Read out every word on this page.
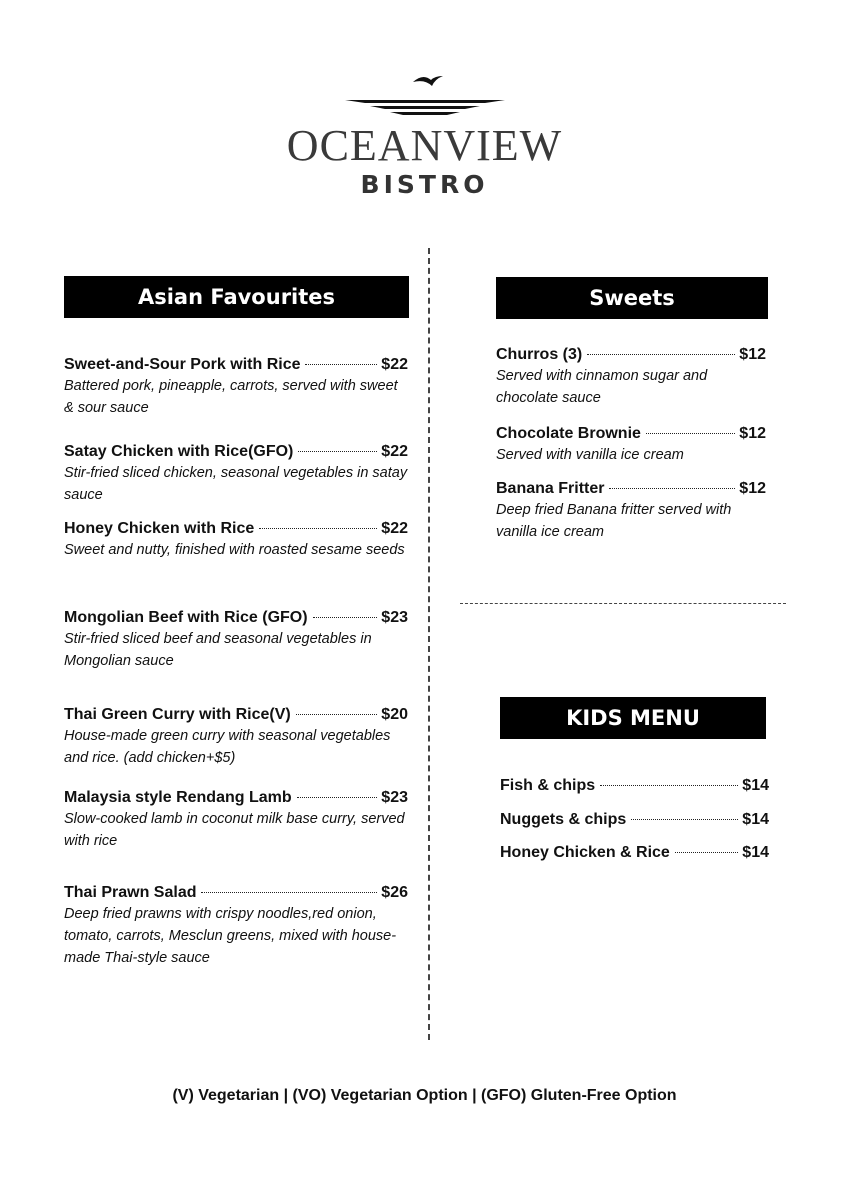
OCEANVIEW
BISTRO
Asian Favourites
Sweet-and-Sour Pork with Rice	$22
Battered pork, pineapple, carrots, served with sweet & sour sauce
Satay Chicken with Rice(GFO)	$22
Stir-fried sliced chicken, seasonal vegetables in satay sauce
Honey Chicken with Rice	$22
Sweet and nutty, finished with roasted sesame seeds
Mongolian Beef with Rice (GFO)	$23
Stir-fried sliced beef and seasonal vegetables in Mongolian sauce
Thai Green Curry with Rice(V)	$20
House-made green curry with seasonal vegetables and rice. (add chicken+$5)
Malaysia style Rendang Lamb	$23
Slow-cooked lamb in coconut milk base curry, served with rice
Thai Prawn Salad	$26
Deep fried prawns with crispy noodles,red onion, tomato, carrots, Mesclun greens, mixed with house-made Thai-style sauce
Sweets
Churros (3)	$12
Served with cinnamon sugar and chocolate sauce
Chocolate Brownie	$12
Served with vanilla ice cream
Banana Fritter	$12
Deep fried Banana fritter served with vanilla ice cream
KIDS MENU
Fish & chips	$14
Nuggets & chips	$14
Honey Chicken & Rice	$14
(V) Vegetarian | (VO) Vegetarian Option | (GFO) Gluten-Free Option
